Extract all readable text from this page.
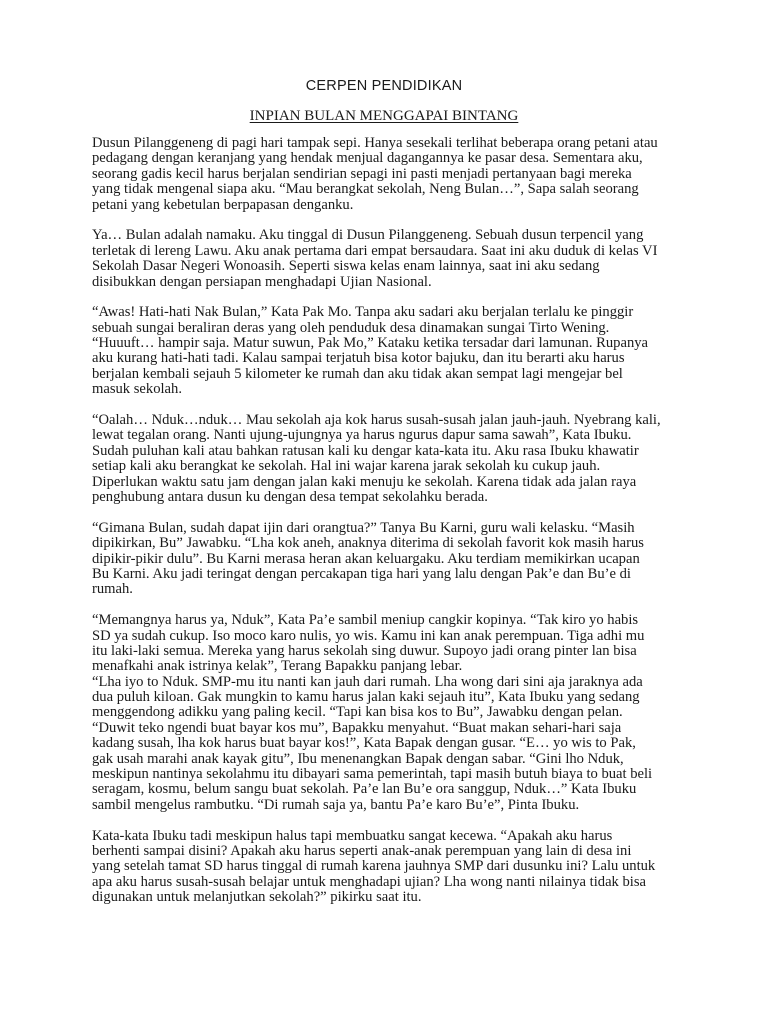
CERPEN PENDIDIKAN
INPIAN BULAN MENGGAPAI BINTANG
Dusun Pilanggeneng di pagi hari tampak sepi. Hanya sesekali terlihat beberapa orang petani atau
pedagang dengan keranjang yang hendak menjual dagangannya ke pasar desa. Sementara aku,
seorang gadis kecil harus berjalan sendirian sepagi ini pasti menjadi pertanyaan bagi mereka
yang tidak mengenal siapa aku. “Mau berangkat sekolah, Neng Bulan…”, Sapa salah seorang
petani yang kebetulan berpapasan denganku.
Ya… Bulan adalah namaku. Aku tinggal di Dusun Pilanggeneng. Sebuah dusun terpencil yang
terletak di lereng Lawu. Aku anak pertama dari empat bersaudara. Saat ini aku duduk di kelas VI
Sekolah Dasar Negeri Wonoasih. Seperti siswa kelas enam lainnya, saat ini aku sedang
disibukkan dengan persiapan menghadapi Ujian Nasional.
“Awas! Hati-hati Nak Bulan,” Kata Pak Mo. Tanpa aku sadari aku berjalan terlalu ke pinggir
sebuah sungai beraliran deras yang oleh penduduk desa dinamakan sungai Tirto Wening.
“Huuuft… hampir saja. Matur suwun, Pak Mo,” Kataku ketika tersadar dari lamunan. Rupanya
aku kurang hati-hati tadi. Kalau sampai terjatuh bisa kotor bajuku, dan itu berarti aku harus
berjalan kembali sejauh 5 kilometer ke rumah dan aku tidak akan sempat lagi mengejar bel
masuk sekolah.
“Oalah… Nduk…nduk… Mau sekolah aja kok harus susah-susah jalan jauh-jauh. Nyebrang kali,
lewat tegalan orang. Nanti ujung-ujungnya ya harus ngurus dapur sama sawah”, Kata Ibuku.
Sudah puluhan kali atau bahkan ratusan kali ku dengar kata-kata itu. Aku rasa Ibuku khawatir
setiap kali aku berangkat ke sekolah. Hal ini wajar karena jarak sekolah ku cukup jauh.
Diperlukan waktu satu jam dengan jalan kaki menuju ke sekolah. Karena tidak ada jalan raya
penghubung antara dusun ku dengan desa tempat sekolahku berada.
“Gimana Bulan, sudah dapat ijin dari orangtua?” Tanya Bu Karni, guru wali kelasku. “Masih
dipikirkan, Bu” Jawabku. “Lha kok aneh, anaknya diterima di sekolah favorit kok masih harus
dipikir-pikir dulu”. Bu Karni merasa heran akan keluargaku. Aku terdiam memikirkan ucapan
Bu Karni. Aku jadi teringat dengan percakapan tiga hari yang lalu dengan Pak’e dan Bu’e di
rumah.
“Memangnya harus ya, Nduk”, Kata Pa’e sambil meniup cangkir kopinya. “Tak kiro yo habis
SD ya sudah cukup. Iso moco karo nulis, yo wis. Kamu ini kan anak perempuan. Tiga adhi mu
itu laki-laki semua. Mereka yang harus sekolah sing duwur. Supoyo jadi orang pinter lan bisa
menafkahi anak istrinya kelak”, Terang Bapakku panjang lebar.
“Lha iyo to Nduk. SMP-mu itu nanti kan jauh dari rumah. Lha wong dari sini aja jaraknya ada
dua puluh kiloan. Gak mungkin to kamu harus jalan kaki sejauh itu”, Kata Ibuku yang sedang
menggendong adikku yang paling kecil. “Tapi kan bisa kos to Bu”, Jawabku dengan pelan.
“Duwit teko ngendi buat bayar kos mu”, Bapakku menyahut. “Buat makan sehari-hari saja
kadang susah, lha kok harus buat bayar kos!”, Kata Bapak dengan gusar. “E… yo wis to Pak,
gak usah marahi anak kayak gitu”, Ibu menenangkan Bapak dengan sabar. “Gini lho Nduk,
meskipun nantinya sekolahmu itu dibayari sama pemerintah, tapi masih butuh biaya to buat beli
seragam, kosmu, belum sangu buat sekolah. Pa’e lan Bu’e ora sanggup, Nduk…” Kata Ibuku
sambil mengelus rambutku. “Di rumah saja ya, bantu Pa’e karo Bu’e”, Pinta Ibuku.
Kata-kata Ibuku tadi meskipun halus tapi membuatku sangat kecewa. “Apakah aku harus
berhenti sampai disini? Apakah aku harus seperti anak-anak perempuan yang lain di desa ini
yang setelah tamat SD harus tinggal di rumah karena jauhnya SMP dari dusunku ini? Lalu untuk
apa aku harus susah-susah belajar untuk menghadapi ujian? Lha wong nanti nilainya tidak bisa
digunakan untuk melanjutkan sekolah?” pikirku saat itu.
